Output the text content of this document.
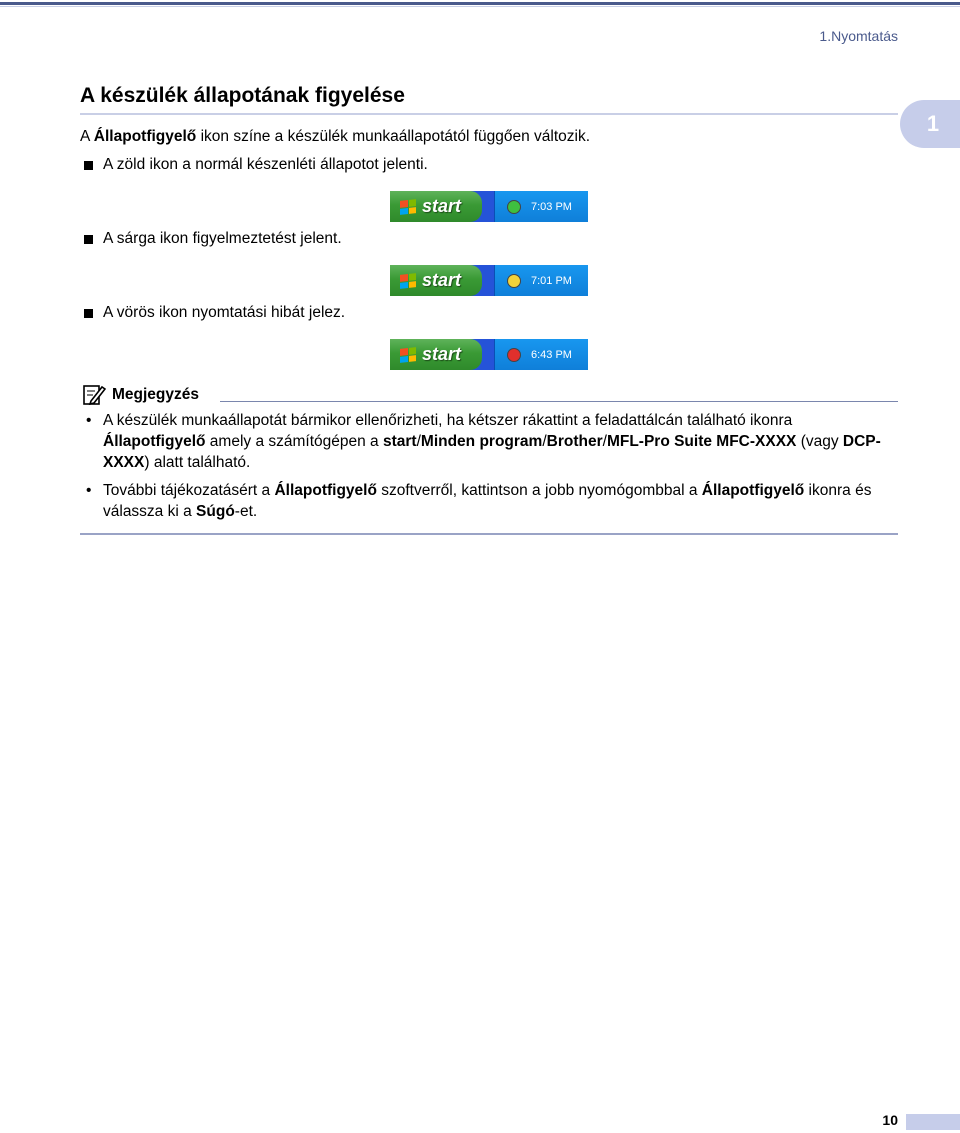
1.Nyomtatás
1
A készülék állapotának figyelése
A Állapotfigyelő ikon színe a készülék munkaállapotától függően változik.
A zöld ikon a normál készenléti állapotot jelenti.
A sárga ikon figyelmeztetést jelent.
A vörös ikon nyomtatási hibát jelez.
start	7:03 PM
start	7:01 PM
start	6:43 PM
Megjegyzés
• A készülék munkaállapotát bármikor ellenőrizheti, ha kétszer rákattint a feladattálcán található ikonra Állapotfigyelő amely a számítógépen a start/Minden program/Brother/MFL-Pro Suite MFC-XXXX (vagy DCP-XXXX) alatt található.
• További tájékozatásért a Állapotfigyelő szoftverről, kattintson a jobb nyomógombbal a Állapotfigyelő ikonra és válassza ki a Súgó-et.
10
